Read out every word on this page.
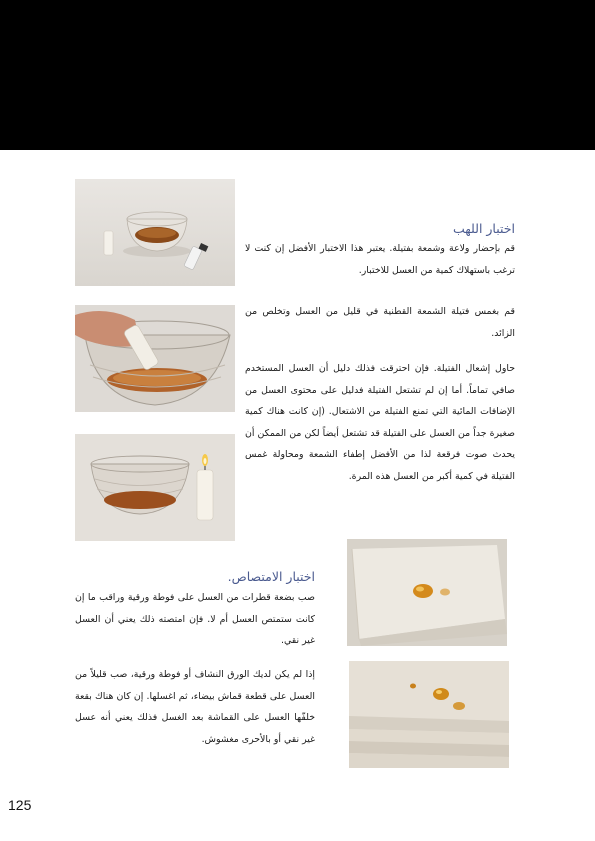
اختبار اللهب

قم بإحضار ولاعة وشمعة بفتيلة. يعتبر هذا الاختبار الأفضل إن كنت لا ترغب باستهلاك كمية من العسل للاختبار.

قم بغمس فتيلة الشمعة القطنية في قليل من العسل وتخلص من الزائد.

حاول إشعال الفتيلة. فإن احترقت فذلك دليل أن العسل المستخدم صافي تماماً. أما إن لم تشتعل الفتيلة فدليل على محتوى العسل من الإضافات المائية التي تمنع الفتيلة من الاشتعال. (إن كانت هناك كمية صغيرة جداً من العسل على الفتيلة قد تشتعل أيضاً لكن من الممكن أن يحدث صوت فرقعة لذا من الأفضل إطفاء الشمعة ومحاولة غمس الفتيلة في كمية أكبر من العسل هذه المرة.

اختبار الامتصاص.

صب بضعة قطرات من العسل على فوطة ورقية وراقب ما إن كانت ستمتص العسل أم لا. فإن امتصته ذلك يعني أن العسل غير نقي.

إذا لم يكن لديك الورق النشاف أو فوطة ورقية، صب قليلاً من العسل على قطعة قماش بيضاء، ثم اغسلها. إن كان هناك بقعة خلفّها العسل على القماشة بعد الغسل فذلك يعني أنه عسل غير نقي أو بالأحرى مغشوش.

125
